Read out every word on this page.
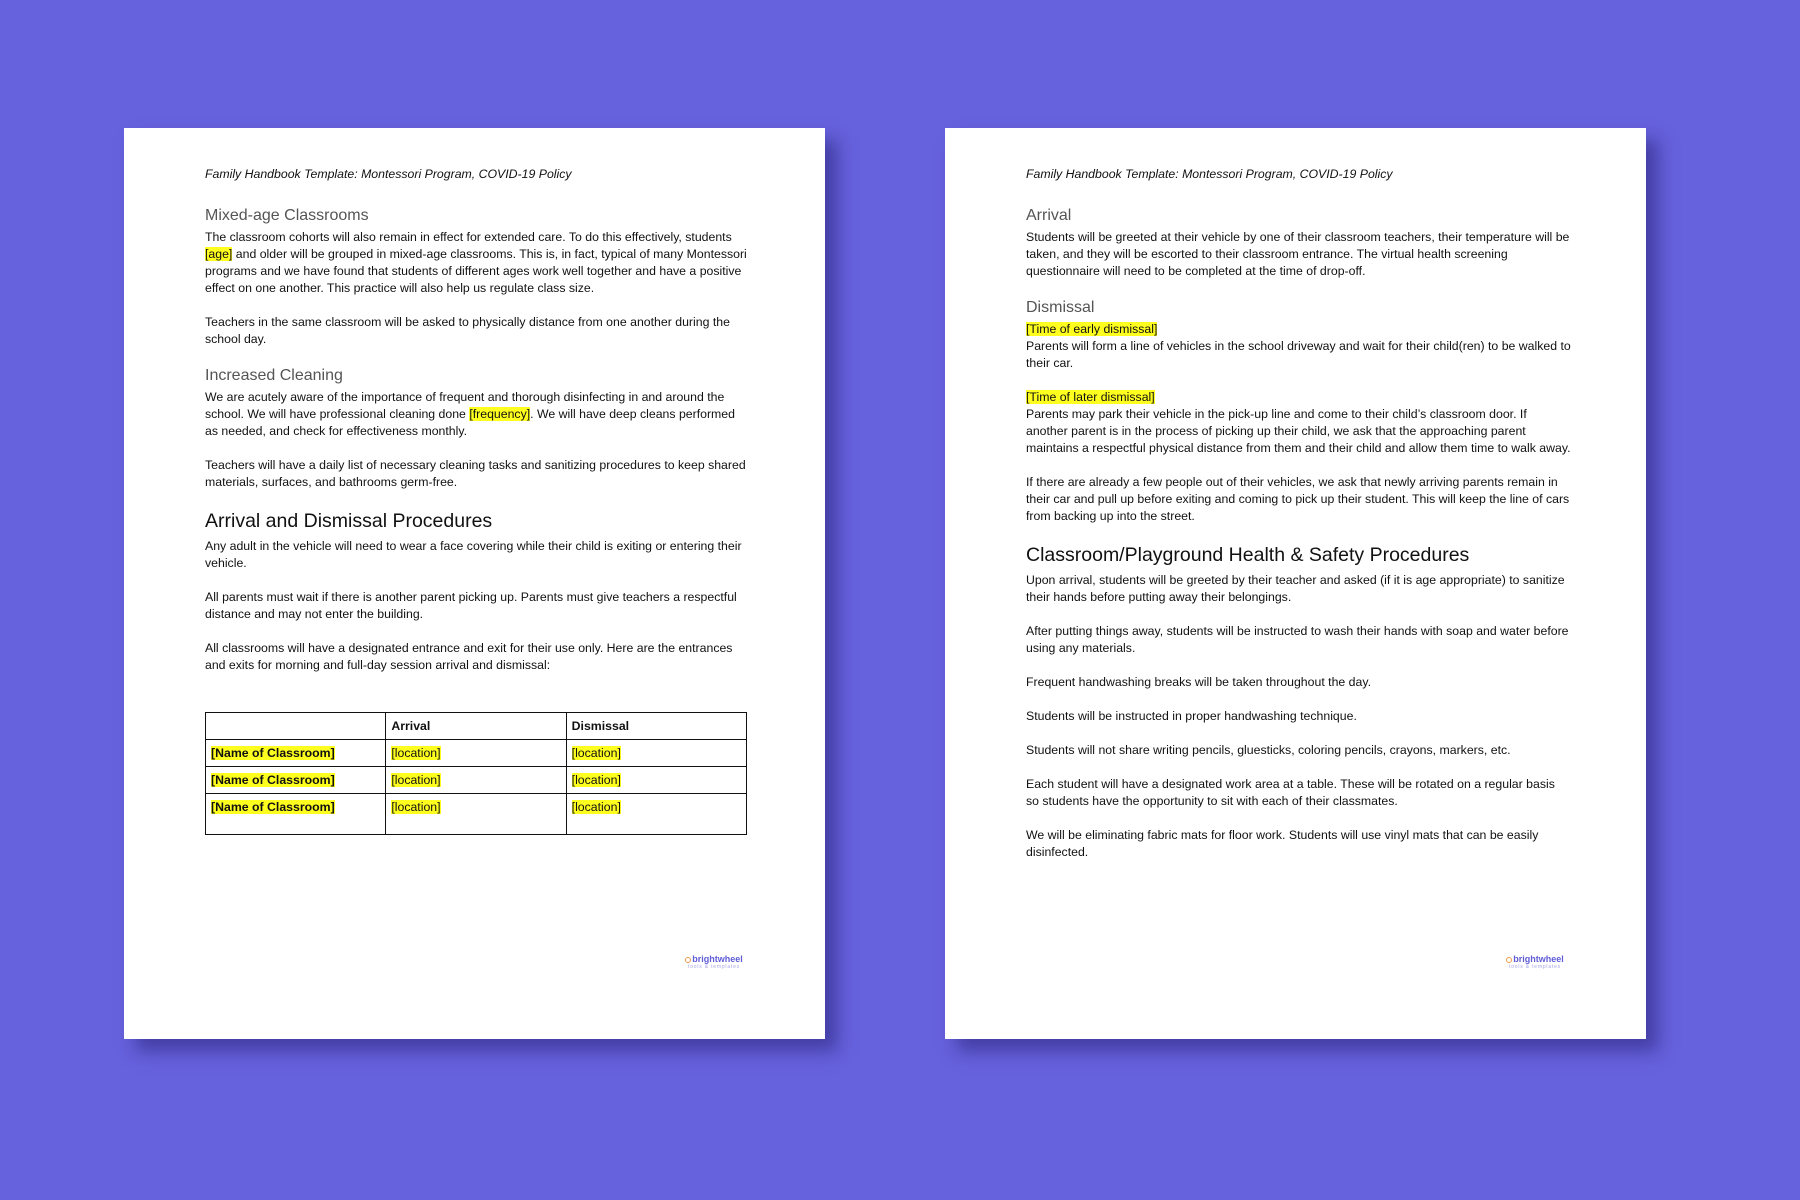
Family Handbook Template: Montessori Program, COVID-19 Policy
Mixed-age Classrooms

The classroom cohorts will also remain in effect for extended care. To do this effectively, students [age] and older will be grouped in mixed-age classrooms. This is, in fact, typical of many Montessori programs and we have found that students of different ages work well together and have a positive effect on one another. This practice will also help us regulate class size.

Teachers in the same classroom will be asked to physically distance from one another during the school day.

Increased Cleaning

We are acutely aware of the importance of frequent and thorough disinfecting in and around the school. We will have professional cleaning done [frequency]. We will have deep cleans performed as needed, and check for effectiveness monthly.

Teachers will have a daily list of necessary cleaning tasks and sanitizing procedures to keep shared materials, surfaces, and bathrooms germ-free.

Arrival and Dismissal Procedures

Any adult in the vehicle will need to wear a face covering while their child is exiting or entering their vehicle.

All parents must wait if there is another parent picking up. Parents must give teachers a respectful distance and may not enter the building.

All classrooms will have a designated entrance and exit for their use only. Here are the entrances and exits for morning and full-day session arrival and dismissal:

	Arrival	Dismissal
[Name of Classroom]	[location]	[location]
[Name of Classroom]	[location]	[location]
[Name of Classroom]	[location]	[location]
brightwheel
tools & templates
Family Handbook Template: Montessori Program, COVID-19 Policy
Arrival

Students will be greeted at their vehicle by one of their classroom teachers, their temperature will be taken, and they will be escorted to their classroom entrance. The virtual health screening questionnaire will need to be completed at the time of drop-off.

Dismissal

[Time of early dismissal]
Parents will form a line of vehicles in the school driveway and wait for their child(ren) to be walked to their car.

[Time of later dismissal]
Parents may park their vehicle in the pick-up line and come to their child’s classroom door. If another parent is in the process of picking up their child, we ask that the approaching parent maintains a respectful physical distance from them and their child and allow them time to walk away.

If there are already a few people out of their vehicles, we ask that newly arriving parents remain in their car and pull up before exiting and coming to pick up their student. This will keep the line of cars from backing up into the street.

Classroom/Playground Health & Safety Procedures

Upon arrival, students will be greeted by their teacher and asked (if it is age appropriate) to sanitize their hands before putting away their belongings.

After putting things away, students will be instructed to wash their hands with soap and water before using any materials.

Frequent handwashing breaks will be taken throughout the day.

Students will be instructed in proper handwashing technique.

Students will not share writing pencils, gluesticks, coloring pencils, crayons, markers, etc.

Each student will have a designated work area at a table. These will be rotated on a regular basis so students have the opportunity to sit with each of their classmates.

We will be eliminating fabric mats for floor work. Students will use vinyl mats that can be easily disinfected.

brightwheel
tools & templates
